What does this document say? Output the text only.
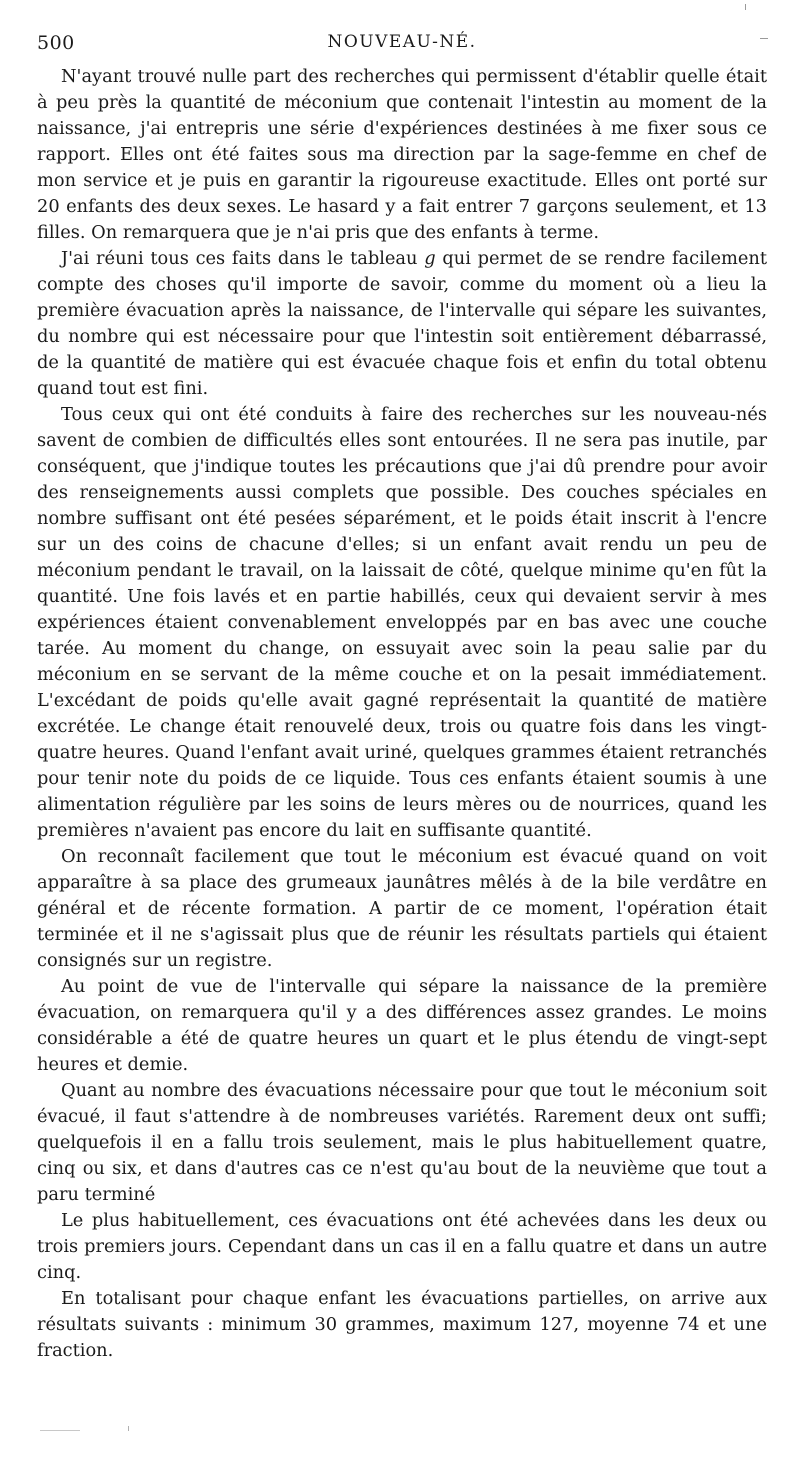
500	NOUVEAU-NÉ.

N'ayant trouvé nulle part des recherches qui permissent d'établir quelle était à peu près la quantité de méconium que contenait l'intestin au moment de la naissance, j'ai entrepris une série d'expériences destinées à me fixer sous ce rapport. Elles ont été faites sous ma direction par la sage-femme en chef de mon service et je puis en garantir la rigoureuse exactitude. Elles ont porté sur 20 enfants des deux sexes. Le hasard y a fait entrer 7 garçons seulement, et 13 filles. On remarquera que je n'ai pris que des enfants à terme.

J'ai réuni tous ces faits dans le tableau g qui permet de se rendre facilement compte des choses qu'il importe de savoir, comme du moment où a lieu la première évacuation après la naissance, de l'intervalle qui sépare les suivantes, du nombre qui est nécessaire pour que l'intestin soit entièrement débarrassé, de la quantité de matière qui est évacuée chaque fois et enfin du total obtenu quand tout est fini.

Tous ceux qui ont été conduits à faire des recherches sur les nouveau-nés savent de combien de difficultés elles sont entourées. Il ne sera pas inutile, par conséquent, que j'indique toutes les précautions que j'ai dû prendre pour avoir des renseignements aussi complets que possible. Des couches spéciales en nombre suffisant ont été pesées séparément, et le poids était inscrit à l'encre sur un des coins de chacune d'elles; si un enfant avait rendu un peu de méconium pendant le travail, on la laissait de côté, quelque minime qu'en fût la quantité. Une fois lavés et en partie habillés, ceux qui devaient servir à mes expériences étaient convenablement enveloppés par en bas avec une couche tarée. Au moment du change, on essuyait avec soin la peau salie par du méconium en se servant de la même couche et on la pesait immédiatement. L'excédant de poids qu'elle avait gagné représentait la quantité de matière excrétée. Le change était renouvelé deux, trois ou quatre fois dans les vingt-quatre heures. Quand l'enfant avait uriné, quelques grammes étaient retranchés pour tenir note du poids de ce liquide. Tous ces enfants étaient soumis à une alimentation régulière par les soins de leurs mères ou de nourrices, quand les premières n'avaient pas encore du lait en suffisante quantité.

On reconnaît facilement que tout le méconium est évacué quand on voit apparaître à sa place des grumeaux jaunâtres mêlés à de la bile verdâtre en général et de récente formation. A partir de ce moment, l'opération était terminée et il ne s'agissait plus que de réunir les résultats partiels qui étaient consignés sur un registre.

Au point de vue de l'intervalle qui sépare la naissance de la première évacuation, on remarquera qu'il y a des différences assez grandes. Le moins considérable a été de quatre heures un quart et le plus étendu de vingt-sept heures et demie.

Quant au nombre des évacuations nécessaire pour que tout le méconium soit évacué, il faut s'attendre à de nombreuses variétés. Rarement deux ont suffi; quelquefois il en a fallu trois seulement, mais le plus habituellement quatre, cinq ou six, et dans d'autres cas ce n'est qu'au bout de la neuvième que tout a paru terminé

Le plus habituellement, ces évacuations ont été achevées dans les deux ou trois premiers jours. Cependant dans un cas il en a fallu quatre et dans un autre cinq.

En totalisant pour chaque enfant les évacuations partielles, on arrive aux résultats suivants : minimum 30 grammes, maximum 127, moyenne 74 et une fraction.
